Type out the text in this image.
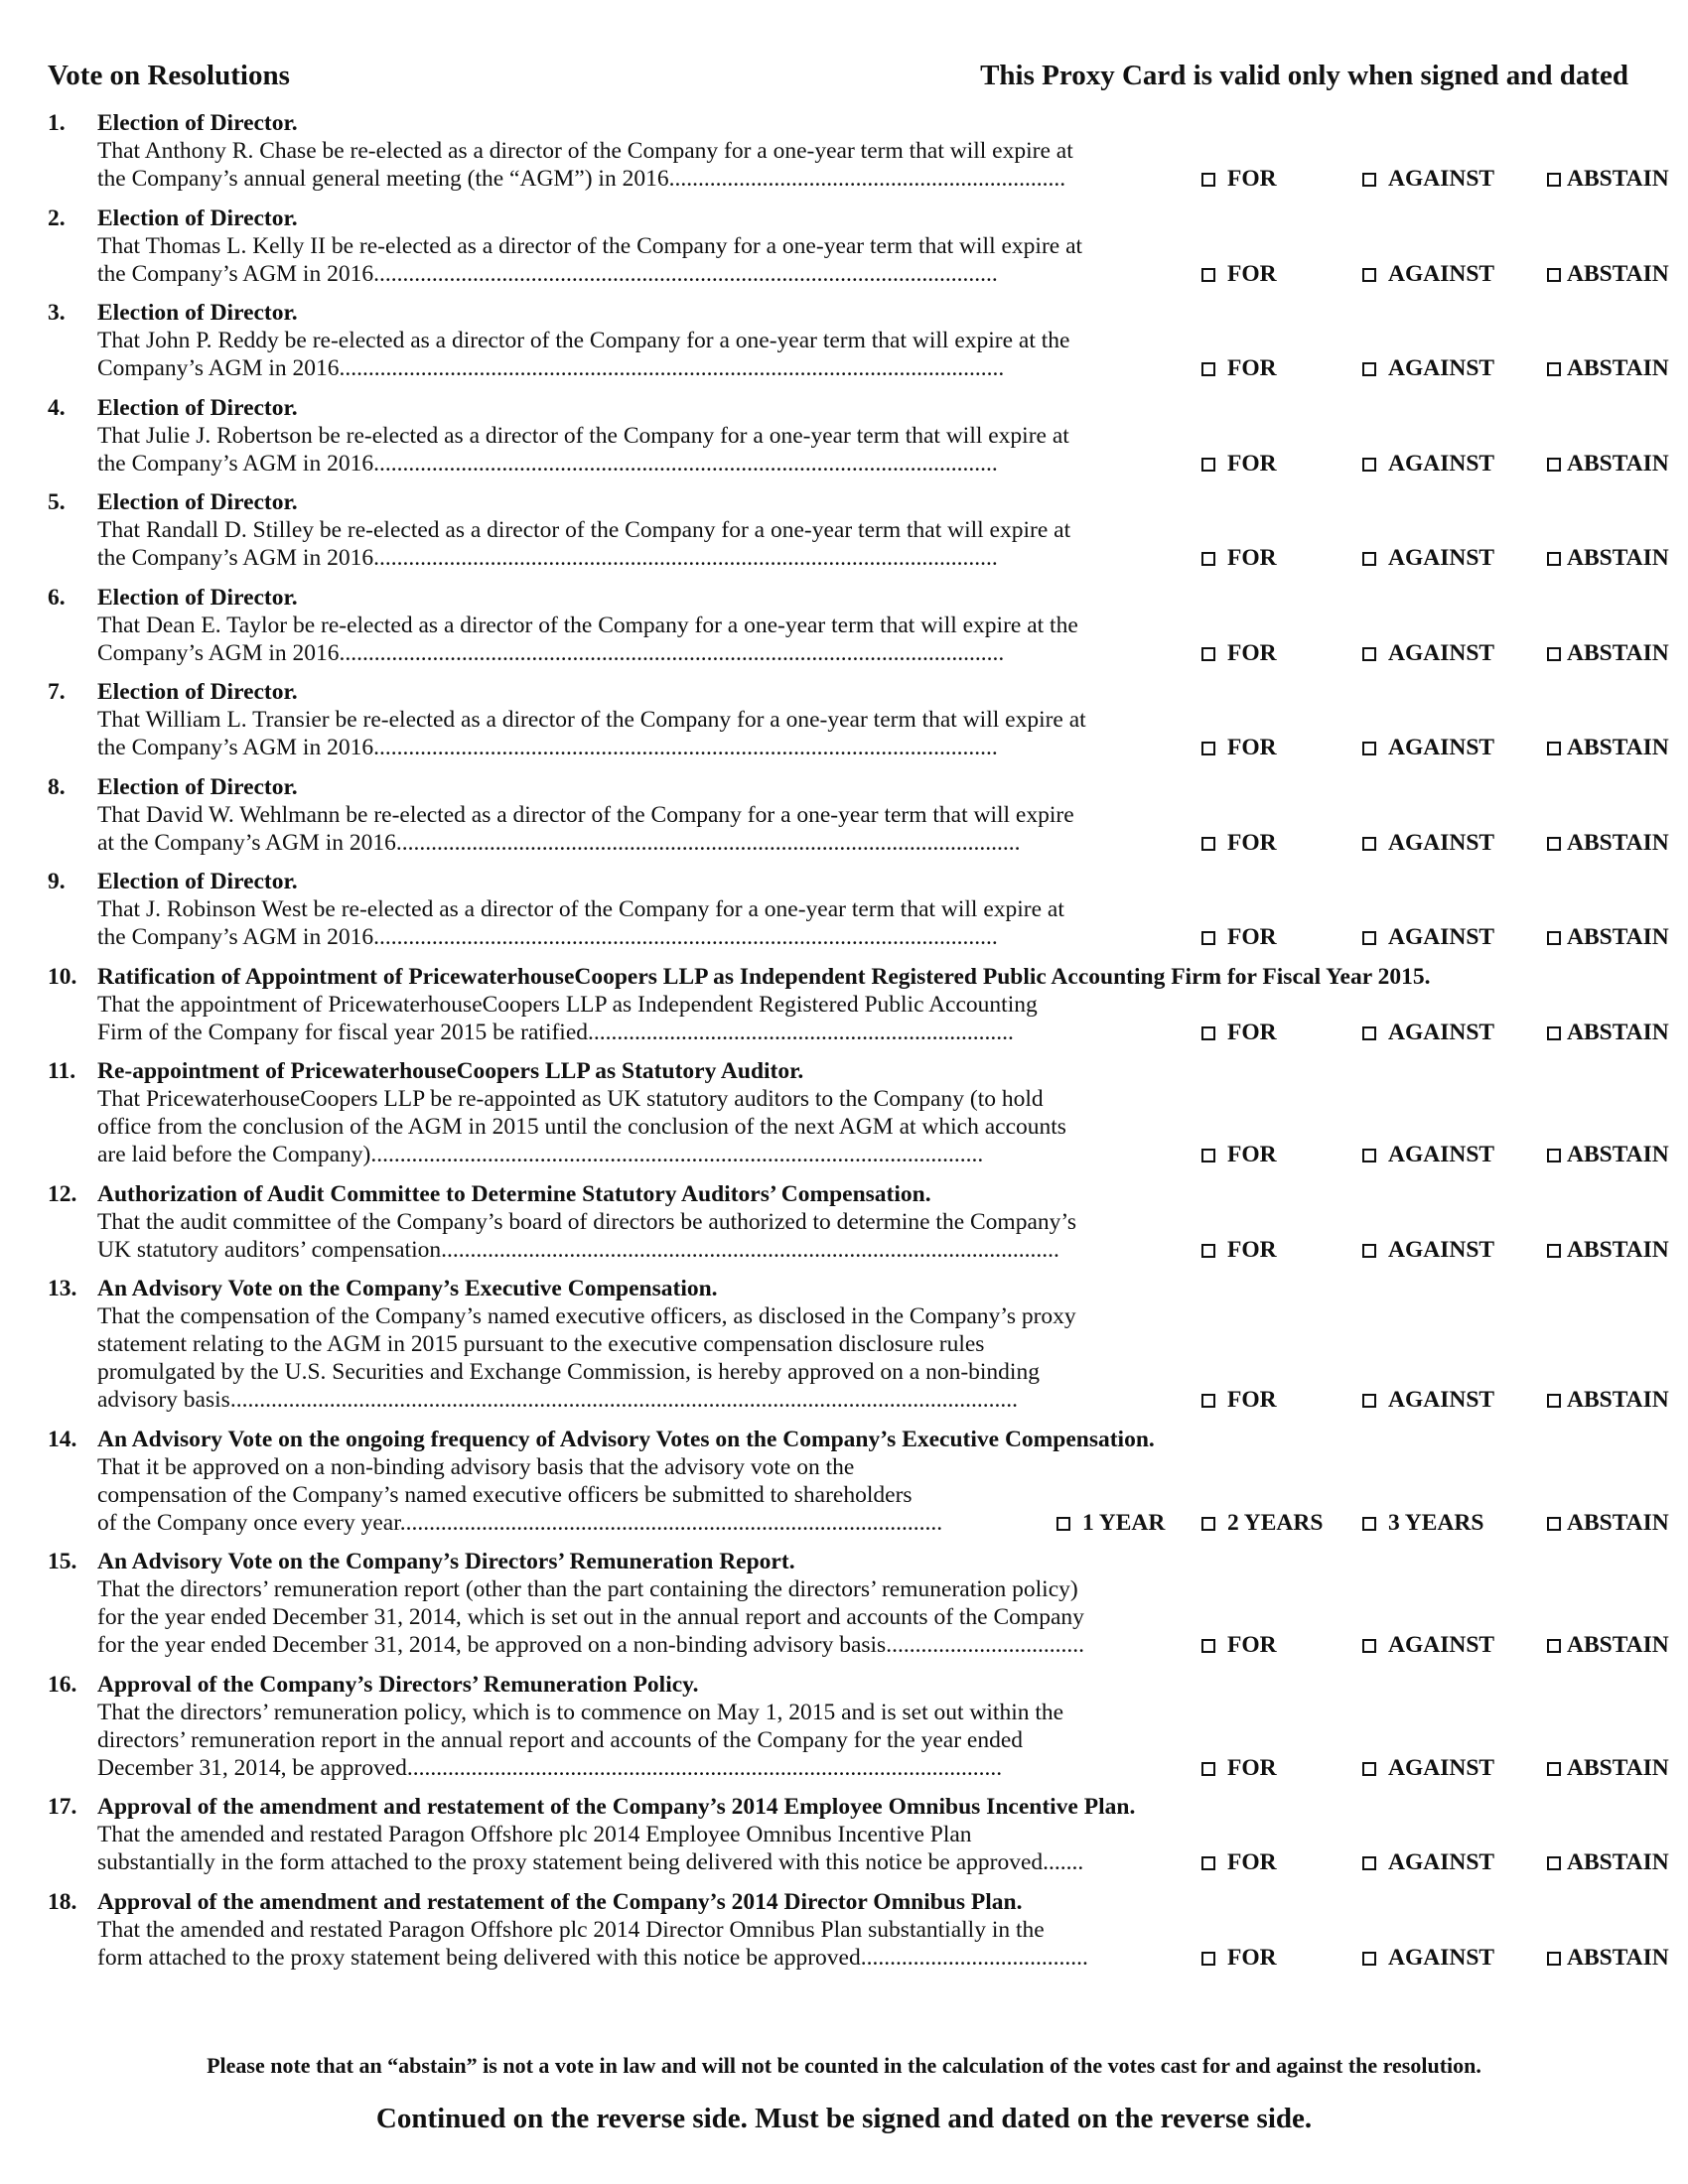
Vote on Resolutions	This Proxy Card is valid only when signed and dated
1.	Election of Director.
That Anthony R. Chase be re-elected as a director of the Company for a one-year term that will expire at
the Company’s annual general meeting (the “AGM”) in 2016....................................................................	FOR	AGAINST	ABSTAIN
2.	Election of Director.
That Thomas L. Kelly II be re-elected as a director of the Company for a one-year term that will expire at
the Company’s AGM in 2016...........................................................................................................	FOR	AGAINST	ABSTAIN
3.	Election of Director.
That John P. Reddy be re-elected as a director of the Company for a one-year term that will expire at the
Company’s AGM in 2016..................................................................................................................	FOR	AGAINST	ABSTAIN
4.	Election of Director.
That Julie J. Robertson be re-elected as a director of the Company for a one-year term that will expire at
the Company’s AGM in 2016...........................................................................................................	FOR	AGAINST	ABSTAIN
5.	Election of Director.
That Randall D. Stilley be re-elected as a director of the Company for a one-year term that will expire at
the Company’s AGM in 2016...........................................................................................................	FOR	AGAINST	ABSTAIN
6.	Election of Director.
That Dean E. Taylor be re-elected as a director of the Company for a one-year term that will expire at the
Company’s AGM in 2016..................................................................................................................	FOR	AGAINST	ABSTAIN
7.	Election of Director.
That William L. Transier be re-elected as a director of the Company for a one-year term that will expire at
the Company’s AGM in 2016...........................................................................................................	FOR	AGAINST	ABSTAIN
8.	Election of Director.
That David W. Wehlmann be re-elected as a director of the Company for a one-year term that will expire
at the Company’s AGM in 2016...........................................................................................................	FOR	AGAINST	ABSTAIN
9.	Election of Director.
That J. Robinson West be re-elected as a director of the Company for a one-year term that will expire at
the Company’s AGM in 2016...........................................................................................................	FOR	AGAINST	ABSTAIN
10. Ratification of Appointment of PricewaterhouseCoopers LLP as Independent Registered Public Accounting Firm for Fiscal Year 2015.
That the appointment of PricewaterhouseCoopers LLP as Independent Registered Public Accounting
Firm of the Company for fiscal year 2015 be ratified.........................................................................	FOR	AGAINST	ABSTAIN
11. Re-appointment of PricewaterhouseCoopers LLP as Statutory Auditor.
That PricewaterhouseCoopers LLP be re-appointed as UK statutory auditors to the Company (to hold
office from the conclusion of the AGM in 2015 until the conclusion of the next AGM at which accounts
are laid before the Company).........................................................................................................	FOR	AGAINST	ABSTAIN
12. Authorization of Audit Committee to Determine Statutory Auditors’ Compensation.
That the audit committee of the Company’s board of directors be authorized to determine the Company’s
UK statutory auditors’ compensation..........................................................................................................	FOR	AGAINST	ABSTAIN
13. An Advisory Vote on the Company’s Executive Compensation.
That the compensation of the Company’s named executive officers, as disclosed in the Company’s proxy
statement relating to the AGM in 2015 pursuant to the executive compensation disclosure rules
promulgated by the U.S. Securities and Exchange Commission, is hereby approved on a non-binding
advisory basis.......................................................................................................................................	FOR	AGAINST	ABSTAIN
14. An Advisory Vote on the ongoing frequency of Advisory Votes on the Company’s Executive Compensation.
That it be approved on a non-binding advisory basis that the advisory vote on the
compensation of the Company’s named executive officers be submitted to shareholders
of the Company once every year.............................................................................................	1 YEAR	2 YEARS	3 YEARS	ABSTAIN
15. An Advisory Vote on the Company’s Directors’ Remuneration Report.
That the directors’ remuneration report (other than the part containing the directors’ remuneration policy)
for the year ended December 31, 2014, which is set out in the annual report and accounts of the Company
for the year ended December 31, 2014, be approved on a non-binding advisory basis..................................	FOR	AGAINST	ABSTAIN
16. Approval of the Company’s Directors’ Remuneration Policy.
That the directors’ remuneration policy, which is to commence on May 1, 2015 and is set out within the
directors’ remuneration report in the annual report and accounts of the Company for the year ended
December 31, 2014, be approved......................................................................................................	FOR	AGAINST	ABSTAIN
17. Approval of the amendment and restatement of the Company’s 2014 Employee Omnibus Incentive Plan.
That the amended and restated Paragon Offshore plc 2014 Employee Omnibus Incentive Plan
substantially in the form attached to the proxy statement being delivered with this notice be approved.......	FOR	AGAINST	ABSTAIN
18. Approval of the amendment and restatement of the Company’s 2014 Director Omnibus Plan.
That the amended and restated Paragon Offshore plc 2014 Director Omnibus Plan substantially in the
form attached to the proxy statement being delivered with this notice be approved.......................................	FOR	AGAINST	ABSTAIN
Please note that an “abstain” is not a vote in law and will not be counted in the calculation of the votes cast for and against the resolution.
Continued on the reverse side. Must be signed and dated on the reverse side.
